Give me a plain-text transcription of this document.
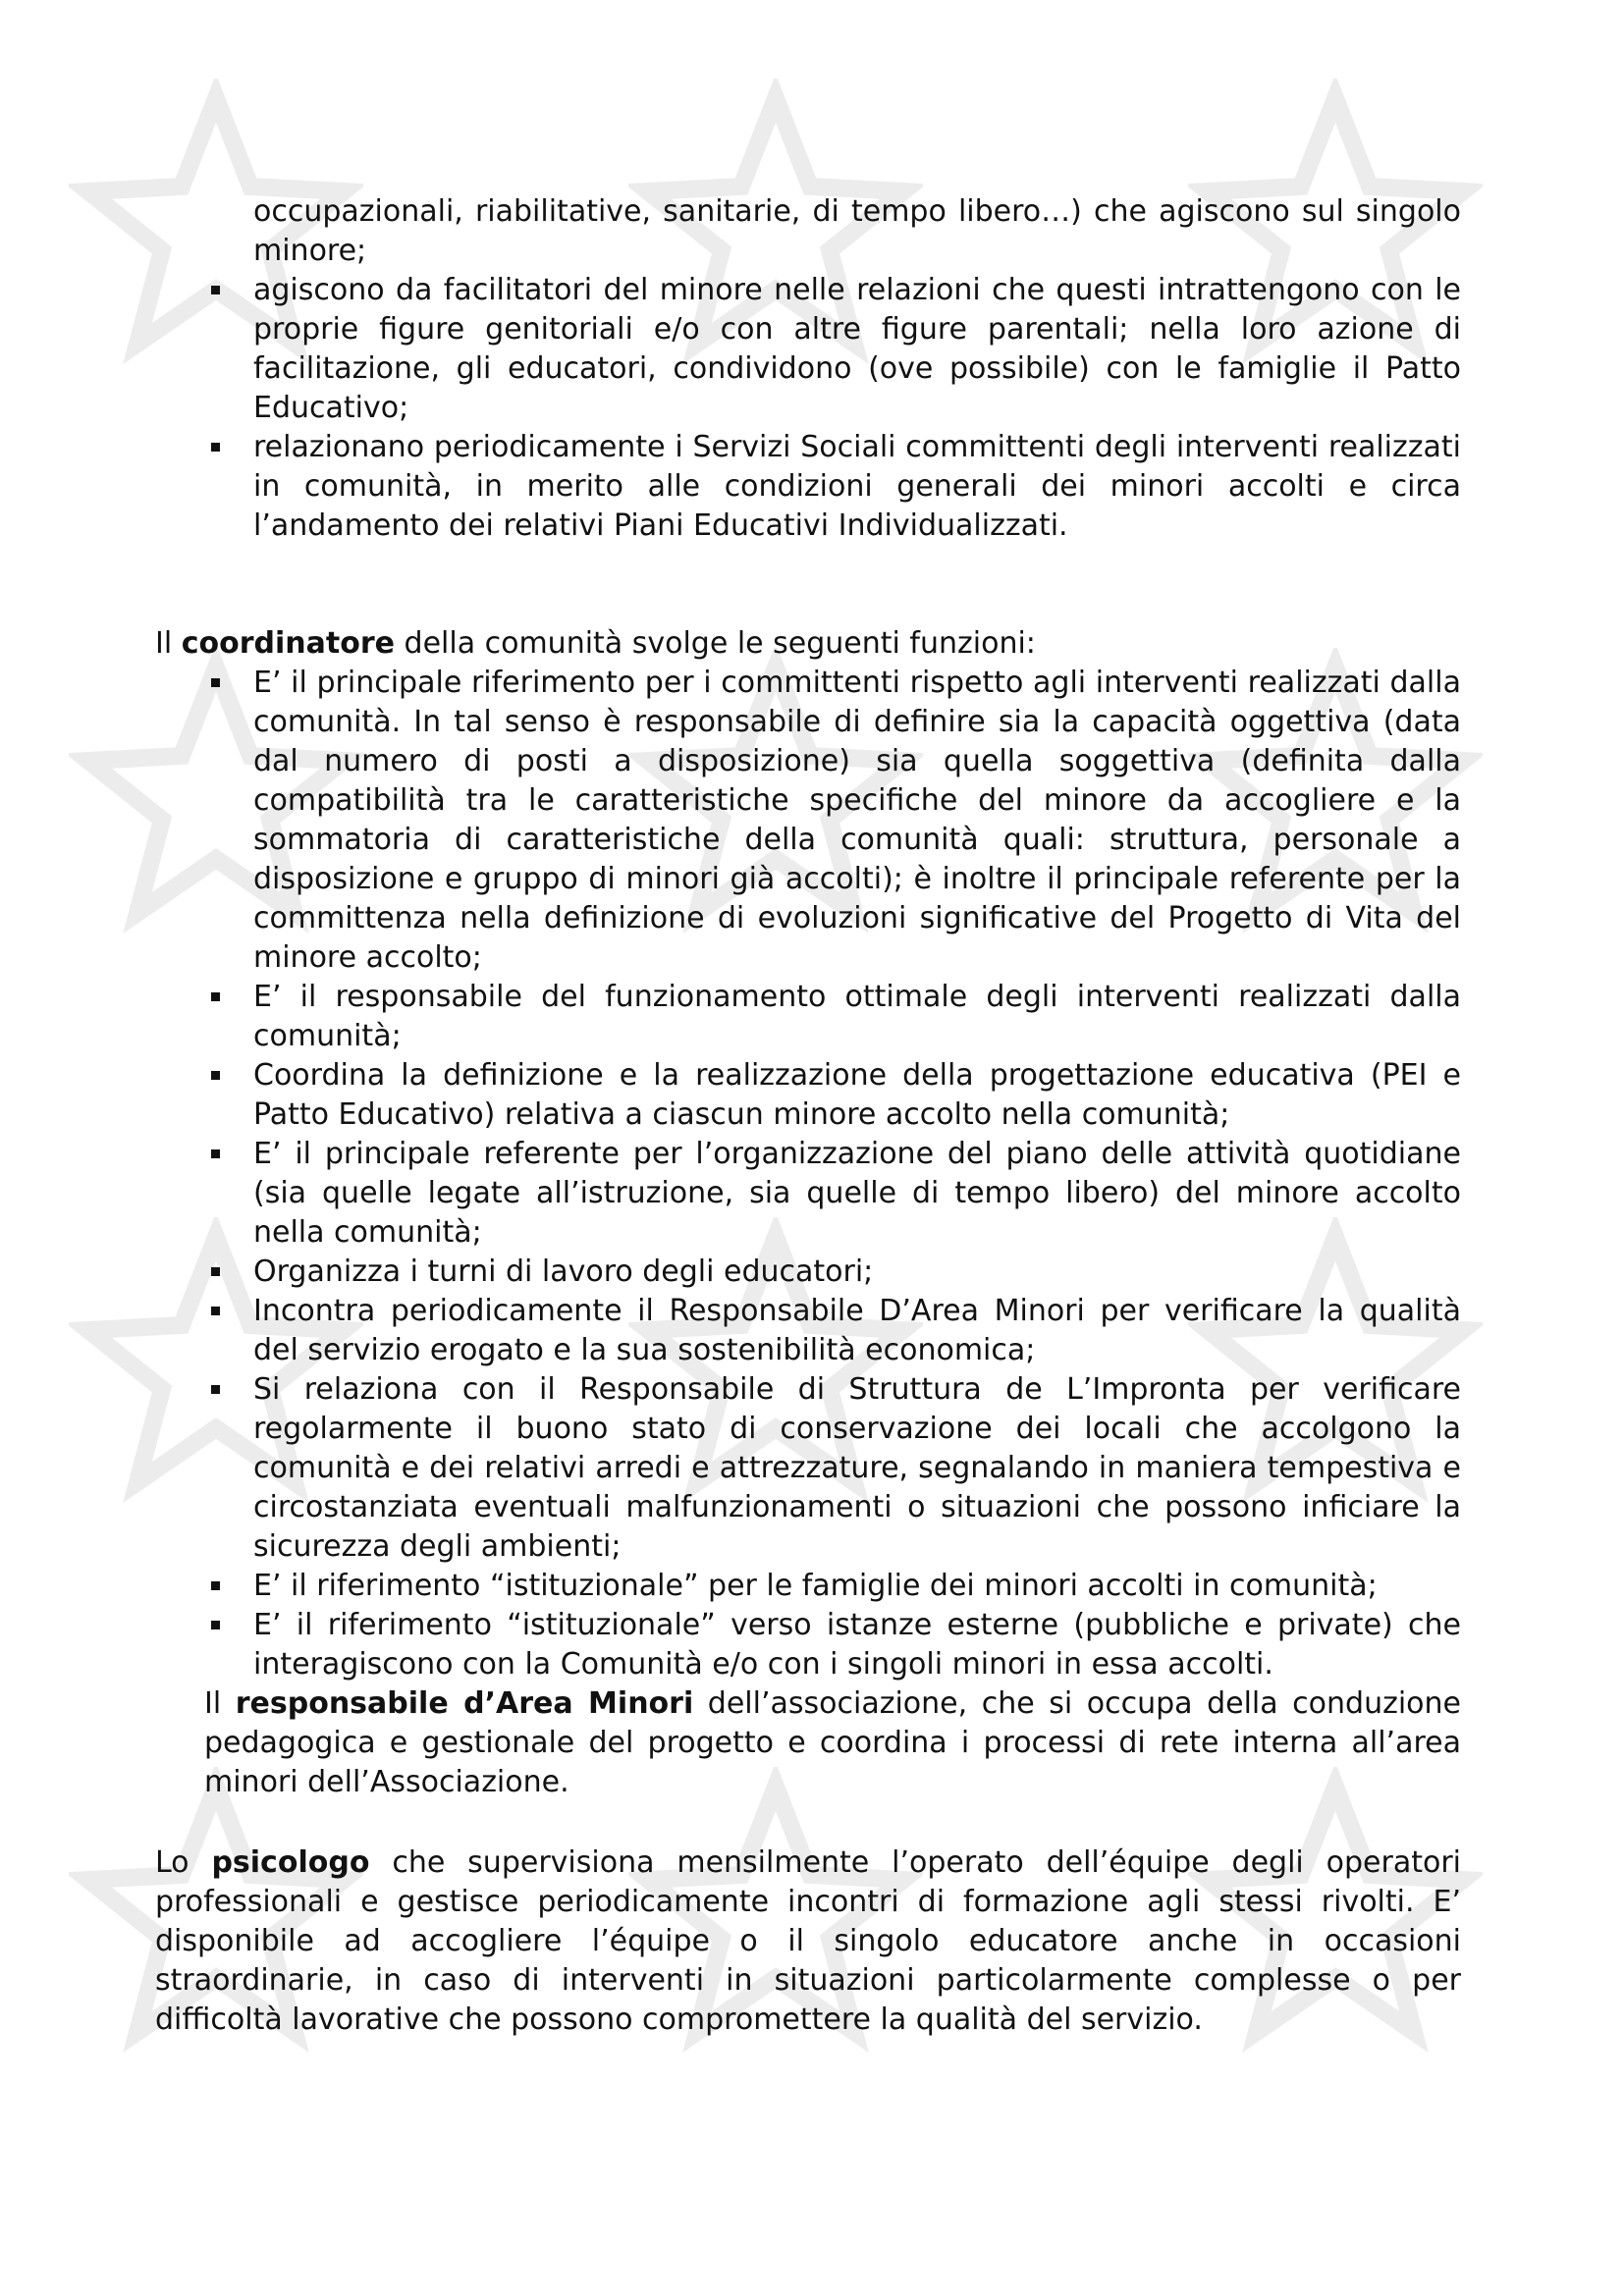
occupazionali, riabilitative, sanitarie, di tempo libero…) che agiscono sul singolo minore;

agiscono da facilitatori del minore nelle relazioni che questi intrattengono con le proprie figure genitoriali e/o con altre figure parentali; nella loro azione di facilitazione, gli educatori, condividono (ove possibile) con le famiglie il Patto Educativo;
relazionano periodicamente i Servizi Sociali committenti degli interventi realizzati in comunità, in merito alle condizioni generali dei minori accolti e circa l’andamento dei relativi Piani Educativi Individualizzati.

Il coordinatore della comunità svolge le seguenti funzioni:

E’ il principale riferimento per i committenti rispetto agli interventi realizzati dalla comunità. In tal senso è responsabile di definire sia la capacità oggettiva (data dal numero di posti a disposizione) sia quella soggettiva (definita dalla compatibilità tra le caratteristiche specifiche del minore da accogliere e la sommatoria di caratteristiche della comunità quali: struttura, personale a disposizione e gruppo di minori già accolti); è inoltre il principale referente per la committenza nella definizione di evoluzioni significative del Progetto di Vita del minore accolto;
E’ il responsabile del funzionamento ottimale degli interventi realizzati dalla comunità;
Coordina la definizione e la realizzazione della progettazione educativa (PEI e Patto Educativo) relativa a ciascun minore accolto nella comunità;
E’ il principale referente per l’organizzazione del piano delle attività quotidiane (sia quelle legate all’istruzione, sia quelle di tempo libero) del minore accolto nella comunità;
Organizza i turni di lavoro degli educatori;
Incontra periodicamente il Responsabile D’Area Minori per verificare la qualità del servizio erogato e la sua sostenibilità economica;
Si relaziona con il Responsabile di Struttura de L’Impronta per verificare regolarmente il buono stato di conservazione dei locali che accolgono la comunità e dei relativi arredi e attrezzature, segnalando in maniera tempestiva e circostanziata eventuali malfunzionamenti o situazioni che possono inficiare la sicurezza degli ambienti;
E’ il riferimento “istituzionale” per le famiglie dei minori accolti in comunità;
E’ il riferimento “istituzionale” verso istanze esterne (pubbliche e private) che interagiscono con la Comunità e/o con i singoli minori in essa accolti.

Il responsabile d’Area Minori dell’associazione, che si occupa della conduzione pedagogica e gestionale del progetto e coordina i processi di rete interna all’area minori dell’Associazione.

Lo psicologo che supervisiona mensilmente l’operato dell’équipe degli operatori professionali e gestisce periodicamente incontri di formazione agli stessi rivolti. E’ disponibile ad accogliere l’équipe o il singolo educatore anche in occasioni straordinarie, in caso di interventi in situazioni particolarmente complesse o per difficoltà lavorative che possono compromettere la qualità del servizio.
